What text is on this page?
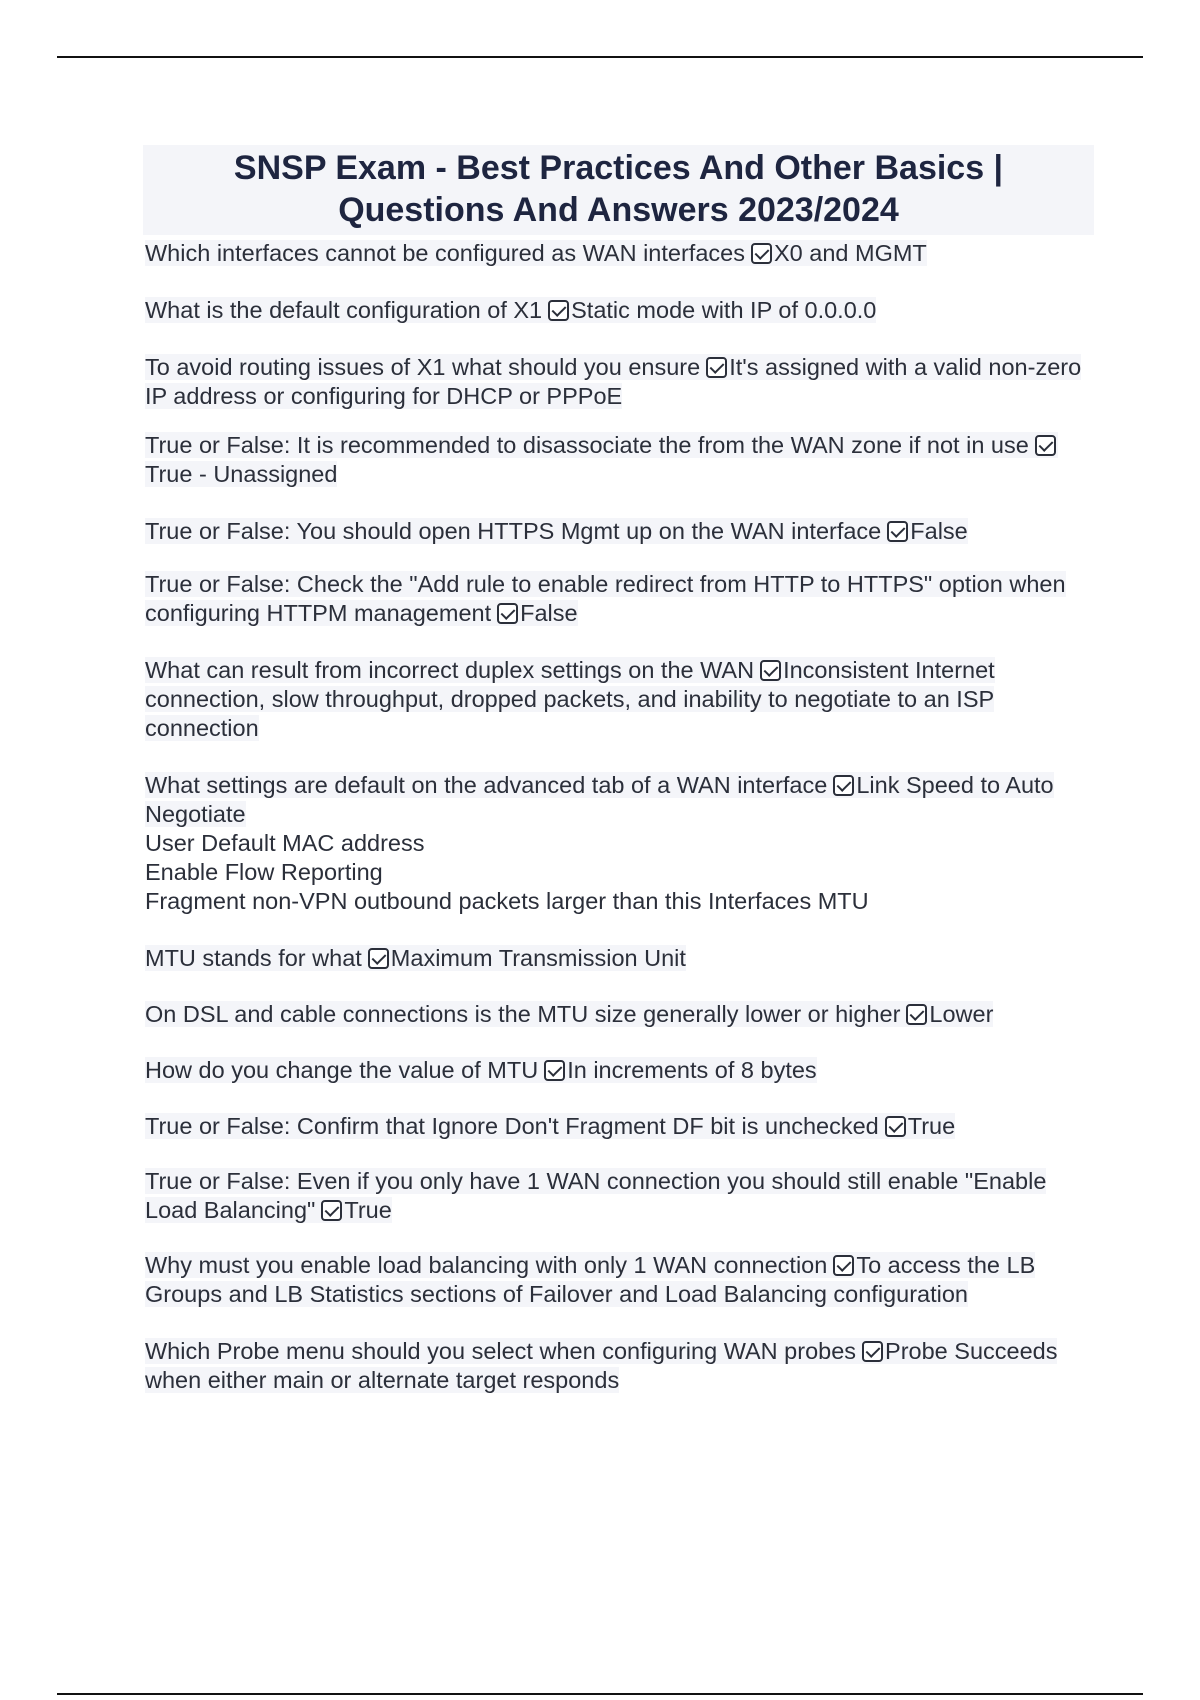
SNSP Exam - Best Practices And Other Basics |
Questions And Answers 2023/2024
Which interfaces cannot be configured as WAN interfaces X0 and MGMT
What is the default configuration of X1 Static mode with IP of 0.0.0.0
To avoid routing issues of X1 what should you ensure It's assigned with a valid non-zero IP address or configuring for DHCP or PPPoE
True or False: It is recommended to disassociate the from the WAN zone if not in useTrue - Unassigned
True or False: You should open HTTPS Mgmt up on the WAN interface False
True or False: Check the "Add rule to enable redirect from HTTP to HTTPS" option when configuring HTTPM management False
What can result from incorrect duplex settings on the WAN Inconsistent Internet connection, slow throughput, dropped packets, and inability to negotiate to an ISP connection
What settings are default on the advanced tab of a WAN interface Link Speed to Auto Negotiate
User Default MAC address
Enable Flow Reporting
Fragment non-VPN outbound packets larger than this Interfaces MTU
MTU stands for what Maximum Transmission Unit
On DSL and cable connections is the MTU size generally lower or higher Lower
How do you change the value of MTU In increments of 8 bytes
True or False: Confirm that Ignore Don't Fragment DF bit is unchecked True
True or False: Even if you only have 1 WAN connection you should still enable "Enable Load Balancing" True
Why must you enable load balancing with only 1 WAN connection To access the LB Groups and LB Statistics sections of Failover and Load Balancing configuration
Which Probe menu should you select when configuring WAN probes Probe Succeeds when either main or alternate target responds
